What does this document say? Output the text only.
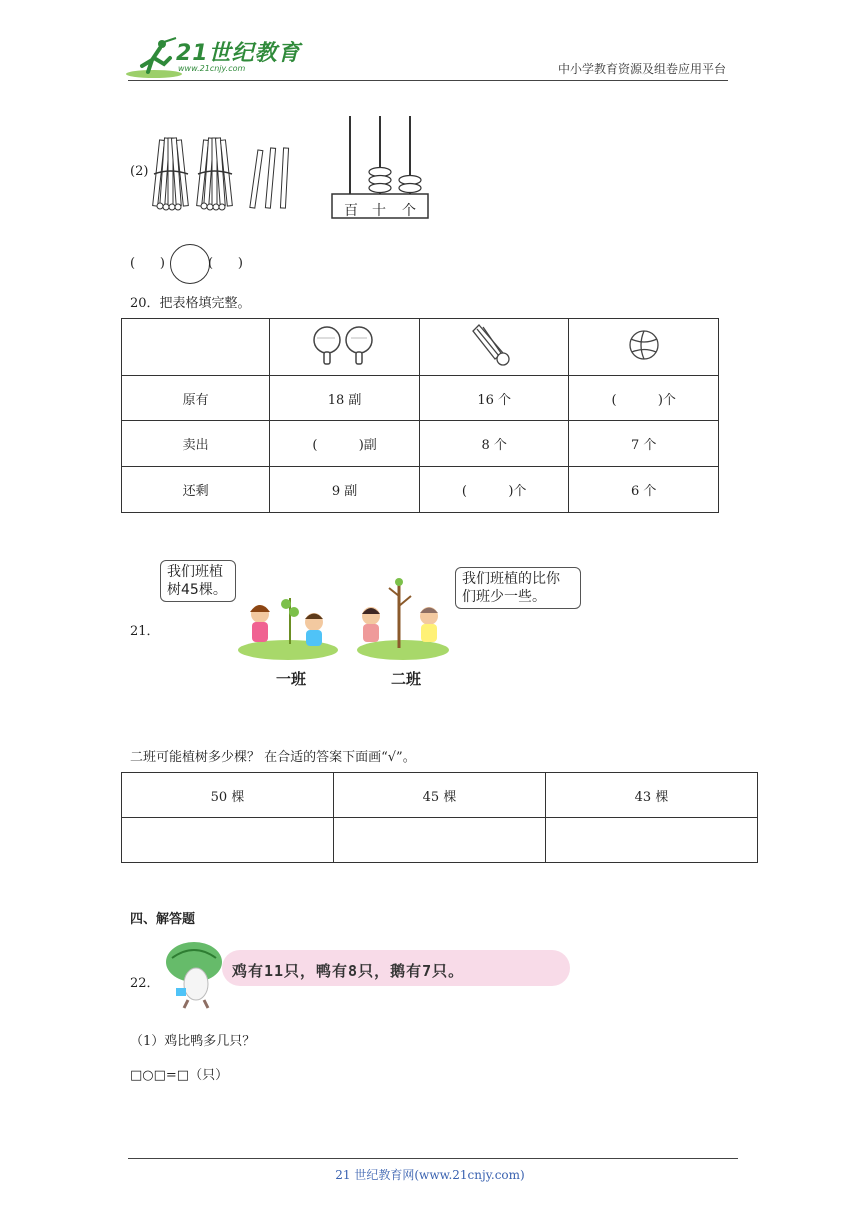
21世纪教育
www.21cnjy.com	中小学教育资源及组卷应用平台
(2)
百 十 个
(      )	(      )
20．把表格填完整。

原有	18 副	16 个	(          )个
卖出	(          )副	8 个	7 个
还剩	9 副	(          )个	6 个
21．
我们班植
树45棵。
我们班植的比你
们班少一些。
一班	二班
二班可能植树多少棵？ 在合适的答案下面画“√”。
50 棵	45 棵	43 棵

四、解答题
22．
鸡有11只，鸭有8只，鹅有7只。
（1）鸡比鸭多几只？
□○□=□（只）
21 世纪教育网(www.21cnjy.com)
